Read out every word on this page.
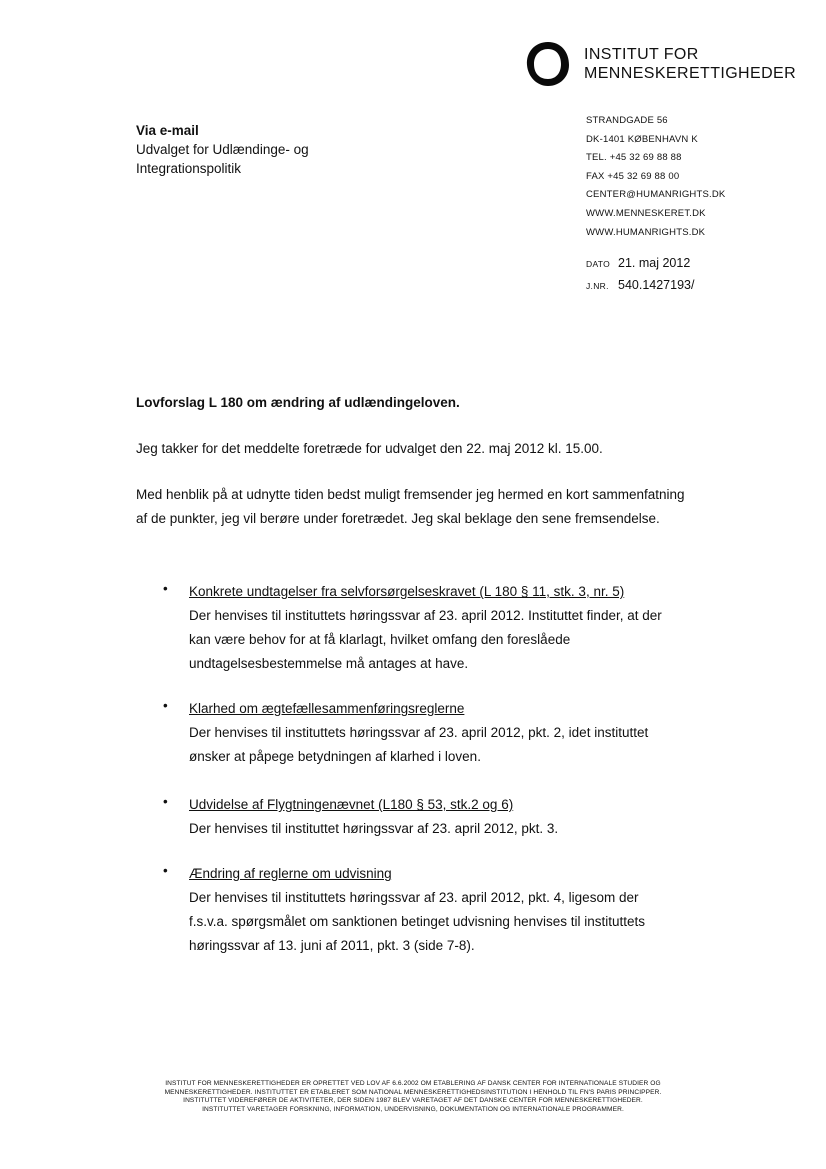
INSTITUT FOR
MENNESKERETTIGHEDER
STRANDGADE 56
DK-1401 KØBENHAVN K
TEL. +45 32 69 88 88
FAX +45 32 69 88 00
CENTER@HUMANRIGHTS.DK
WWW.MENNESKERET.DK
WWW.HUMANRIGHTS.DK
DATO 21. maj 2012
J.NR. 540.1427193/
Via e-mail
Udvalget for Udlændinge- og
Integrationspolitik
Lovforslag L 180 om ændring af udlændingeloven.
Jeg takker for det meddelte foretræde for udvalget den 22. maj 2012 kl. 15.00.
Med henblik på at udnytte tiden bedst muligt fremsender jeg hermed en kort sammenfatning af de punkter, jeg vil berøre under foretrædet. Jeg skal beklage den sene fremsendelse.
• Konkrete undtagelser fra selvforsørgelseskravet (L 180 § 11, stk. 3, nr. 5)
Der henvises til instituttets høringssvar af 23. april 2012. Instituttet finder, at der
kan være behov for at få klarlagt, hvilket omfang den foreslåede
undtagelsesbestemmelse må antages at have.
• Klarhed om ægtefællesammenføringsreglerne
Der henvises til instituttets høringssvar af 23. april 2012, pkt. 2, idet instituttet
ønsker at påpege betydningen af klarhed i loven.
• Udvidelse af Flygtningenævnet (L180 § 53, stk.2 og 6)
Der henvises til instituttet høringssvar af 23. april 2012, pkt. 3.
• Ændring af reglerne om udvisning
Der henvises til instituttets høringssvar af 23. april 2012, pkt. 4, ligesom der
f.s.v.a. spørgsmålet om sanktionen betinget udvisning henvises til instituttets
høringssvar af 13. juni af 2011, pkt. 3 (side 7-8).
INSTITUT FOR MENNESKERETTIGHEDER ER OPRETTET VED LOV AF 6.6.2002 OM ETABLERING AF DANSK CENTER FOR INTERNATIONALE STUDIER OG
MENNESKERETTIGHEDER. INSTITUTTET ER ETABLERET SOM NATIONAL MENNESKERETTIGHEDSINSTITUTION I HENHOLD TIL FN'S PARIS PRINCIPPER.
INSTITUTTET VIDEREFØRER DE AKTIVITETER, DER SIDEN 1987 BLEV VARETAGET AF DET DANSKE CENTER FOR MENNESKERETTIGHEDER.
INSTITUTTET VARETAGER FORSKNING, INFORMATION, UNDERVISNING, DOKUMENTATION OG INTERNATIONALE PROGRAMMER.
